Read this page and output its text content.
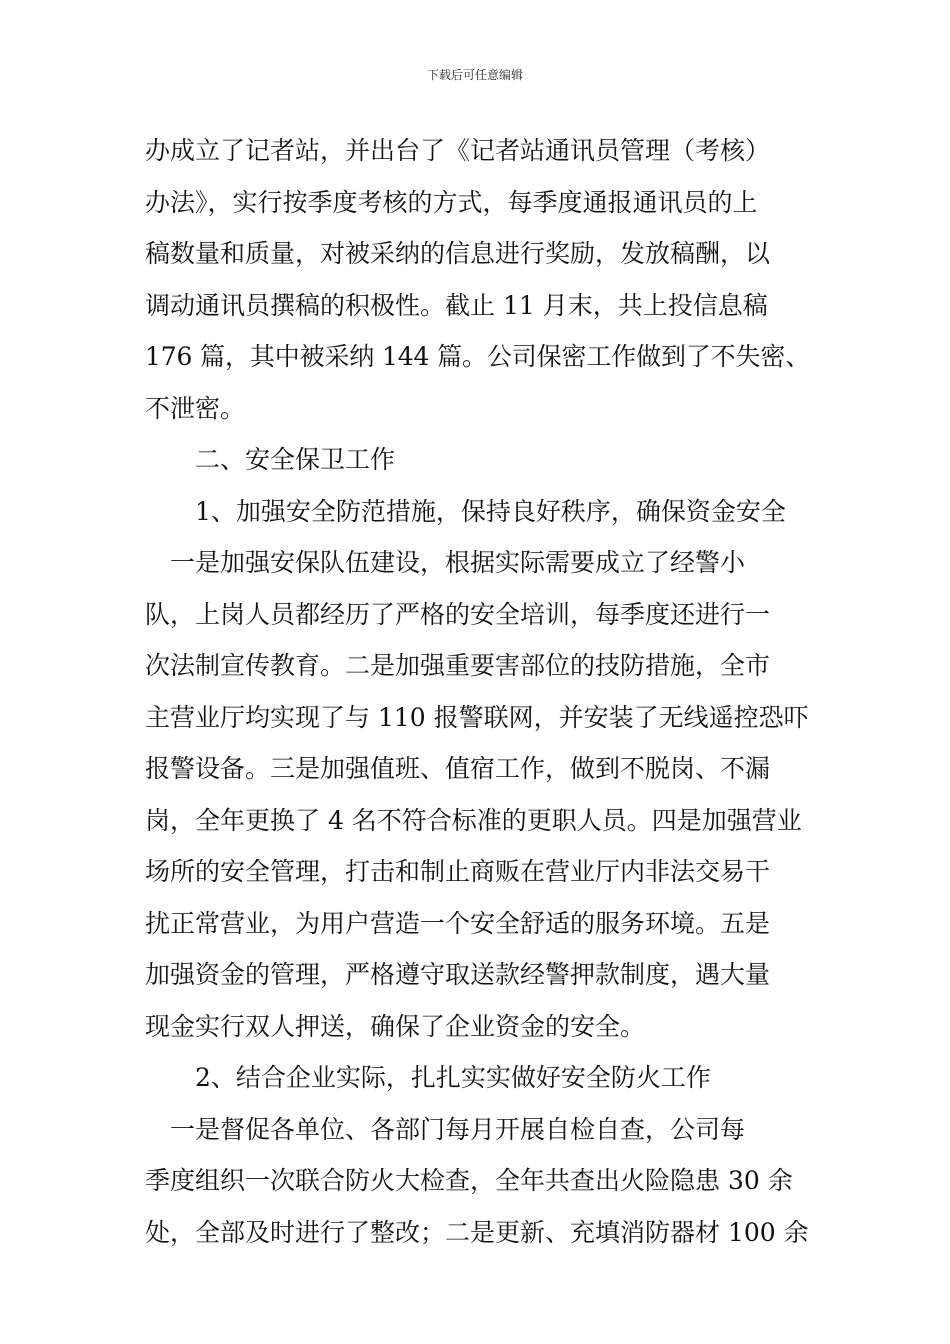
下载后可任意编辑
办成立了记者站，并出台了《记者站通讯员管理（考核）
办法》，实行按季度考核的方式，每季度通报通讯员的上
稿数量和质量，对被采纳的信息进行奖励，发放稿酬，以
调动通讯员撰稿的积极性。截止 11 月末，共上投信息稿
176 篇，其中被采纳 144 篇。公司保密工作做到了不失密、
不泄密。
　　二、安全保卫工作
　　1、加强安全防范措施，保持良好秩序，确保资金安全
　一是加强安保队伍建设，根据实际需要成立了经警小
队，上岗人员都经历了严格的安全培训，每季度还进行一
次法制宣传教育。二是加强重要害部位的技防措施，全市
主营业厅均实现了与 110 报警联网，并安装了无线遥控恐吓
报警设备。三是加强值班、值宿工作，做到不脱岗、不漏
岗，全年更换了 4 名不符合标准的更职人员。四是加强营业
场所的安全管理，打击和制止商贩在营业厅内非法交易干
扰正常营业，为用户营造一个安全舒适的服务环境。五是
加强资金的管理，严格遵守取送款经警押款制度，遇大量
现金实行双人押送，确保了企业资金的安全。
　　2、结合企业实际，扎扎实实做好安全防火工作
　一是督促各单位、各部门每月开展自检自查，公司每
季度组织一次联合防火大检查，全年共查出火险隐患 30 余
处，全部及时进行了整改；二是更新、充填消防器材 100 余
